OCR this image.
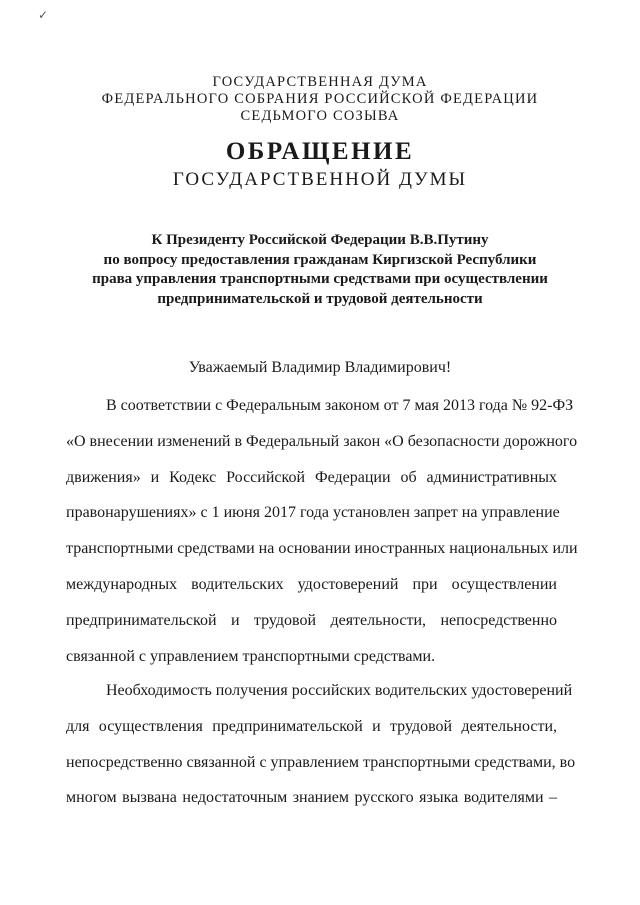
✓
ГОСУДАРСТВЕННАЯ ДУМА
ФЕДЕРАЛЬНОГО СОБРАНИЯ РОССИЙСКОЙ ФЕДЕРАЦИИ
СЕДЬМОГО СОЗЫВА
ОБРАЩЕНИЕ
ГОСУДАРСТВЕННОЙ ДУМЫ
К Президенту Российской Федерации В.В.Путину
по вопросу предоставления гражданам Киргизской Республики
права управления транспортными средствами при осуществлении
предпринимательской и трудовой деятельности
Уважаемый Владимир Владимирович!
В соответствии с Федеральным законом от 7 мая 2013 года № 92-ФЗ
«О внесении изменений в Федеральный закон «О безопасности дорожного
движения» и Кодекс Российской Федерации об административных
правонарушениях» с 1 июня 2017 года установлен запрет на управление
транспортными средствами на основании иностранных национальных или
международных водительских удостоверений при осуществлении
предпринимательской и трудовой деятельности, непосредственно
связанной с управлением транспортными средствами.
Необходимость получения российских водительских удостоверений
для осуществления предпринимательской и трудовой деятельности,
непосредственно связанной с управлением транспортными средствами, во
многом вызвана недостаточным знанием русского языка водителями –
